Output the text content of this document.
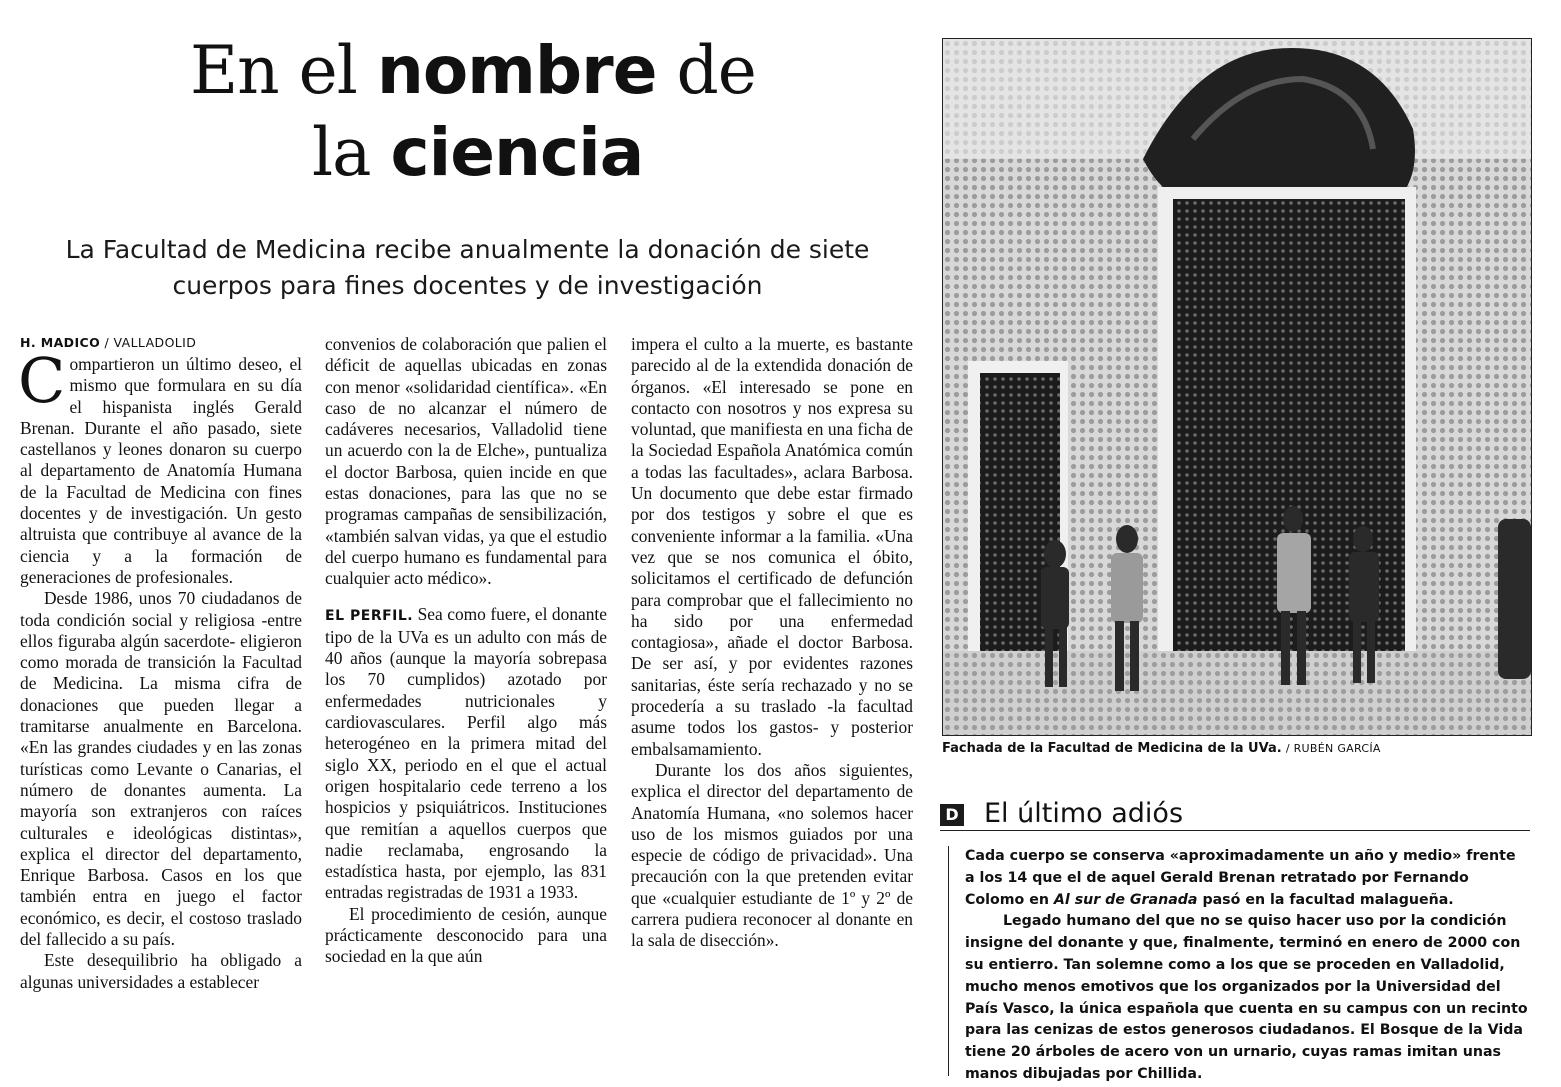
En el nombre de
la ciencia
La Facultad de Medicina recibe anualmente la donación de siete cuerpos para fines docentes y de investigación
H. MADICO / VALLADOLID

Compartieron un último deseo, el mismo que formulara en su día el hispanista inglés Gerald Brenan. Durante el año pasado, siete castellanos y leones donaron su cuerpo al departamento de Anatomía Humana de la Facultad de Medicina con fines docentes y de investigación. Un gesto altruista que contribuye al avance de la ciencia y a la formación de generaciones de profesionales.

Desde 1986, unos 70 ciudadanos de toda condición social y religiosa -entre ellos figuraba algún sacerdote- eligieron como morada de transición la Facultad de Medicina. La misma cifra de donaciones que pueden llegar a tramitarse anualmente en Barcelona. «En las grandes ciudades y en las zonas turísticas como Levante o Canarias, el número de donantes aumenta. La mayoría son extranjeros con raíces culturales e ideológicas distintas», explica el director del departamento, Enrique Barbosa. Casos en los que también entra en juego el factor económico, es decir, el costoso traslado del fallecido a su país.

Este desequilibrio ha obligado a algunas universidades a establecer

convenios de colaboración que palien el déficit de aquellas ubicadas en zonas con menor «solidaridad científica». «En caso de no alcanzar el número de cadáveres necesarios, Valladolid tiene un acuerdo con la de Elche», puntualiza el doctor Barbosa, quien incide en que estas donaciones, para las que no se programas campañas de sensibilización, «también salvan vidas, ya que el estudio del cuerpo humano es fundamental para cualquier acto médico».

EL PERFIL. Sea como fuere, el donante tipo de la UVa es un adulto con más de 40 años (aunque la mayoría sobrepasa los 70 cumplidos) azotado por enfermedades nutricionales y cardiovasculares. Perfil algo más heterogéneo en la primera mitad del siglo XX, periodo en el que el actual origen hospitalario cede terreno a los hospicios y psiquiátricos. Instituciones que remitían a aquellos cuerpos que nadie reclamaba, engrosando la estadística hasta, por ejemplo, las 831 entradas registradas de 1931 a 1933.

El procedimiento de cesión, aunque prácticamente desconocido para una sociedad en la que aún

impera el culto a la muerte, es bastante parecido al de la extendida donación de órganos. «El interesado se pone en contacto con nosotros y nos expresa su voluntad, que manifiesta en una ficha de la Sociedad Española Anatómica común a todas las facultades», aclara Barbosa. Un documento que debe estar firmado por dos testigos y sobre el que es conveniente informar a la familia. «Una vez que se nos comunica el óbito, solicitamos el certificado de defunción para comprobar que el fallecimiento no ha sido por una enfermedad contagiosa», añade el doctor Barbosa. De ser así, y por evidentes razones sanitarias, éste sería rechazado y no se procedería a su traslado -la facultad asume todos los gastos- y posterior embalsamamiento.

Durante los dos años siguientes, explica el director del departamento de Anatomía Humana, «no solemos hacer uso de los mismos guiados por una especie de código de privacidad». Una precaución con la que pretenden evitar que «cualquier estudiante de 1º y 2º de carrera pudiera reconocer al donante en la sala de disección».

Fachada de la Facultad de Medicina de la UVa. / RUBÉN GARCÍA
D El último adiós

Cada cuerpo se conserva «aproximadamente un año y medio» frente a los 14 que el de aquel Gerald Brenan retratado por Fernando Colomo en Al sur de Granada pasó en la facultad malagueña.

Legado humano del que no se quiso hacer uso por la condición insigne del donante y que, finalmente, terminó en enero de 2000 con su entierro. Tan solemne como a los que se proceden en Valladolid, mucho menos emotivos que los organizados por la Universidad del País Vasco, la única española que cuenta en su campus con un recinto para las cenizas de estos generosos ciudadanos. El Bosque de la Vida tiene 20 árboles de acero von un urnario, cuyas ramas imitan unas manos dibujadas por Chillida.
